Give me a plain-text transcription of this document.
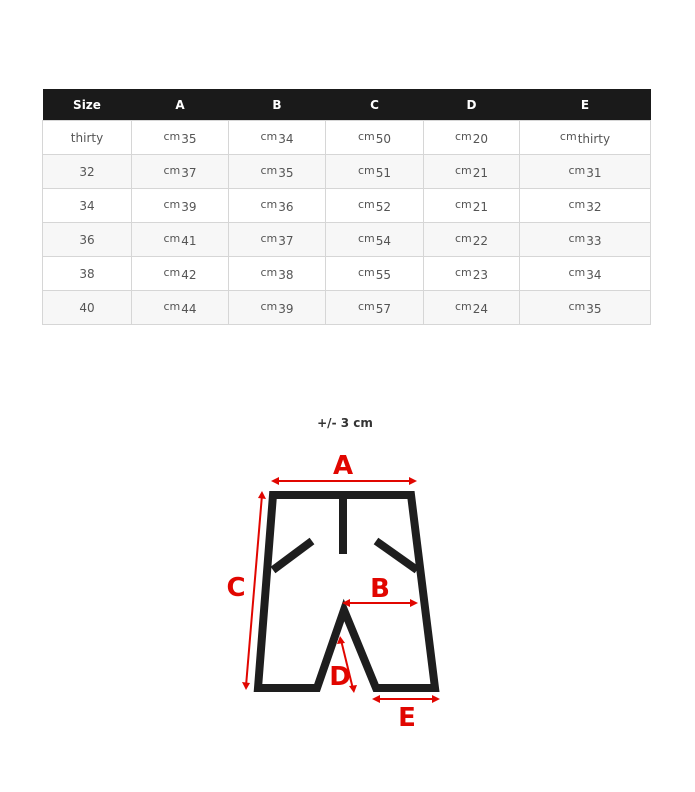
Size	A	B	C	D	E
thirty	cm 35	cm 34	cm 50	cm 20	cm thirty

32	cm 37	cm 35	cm 51	cm 21	cm 31

34	cm 39	cm 36	cm 52	cm 21	cm 32

36	cm 41	cm 37	cm 54	cm 22	cm 33

38	cm 42	cm 38	cm 55	cm 23	cm 34

40	cm 44	cm 39	cm 57	cm 24	cm 35
+/- 3 cm
A
B
C
D
E
